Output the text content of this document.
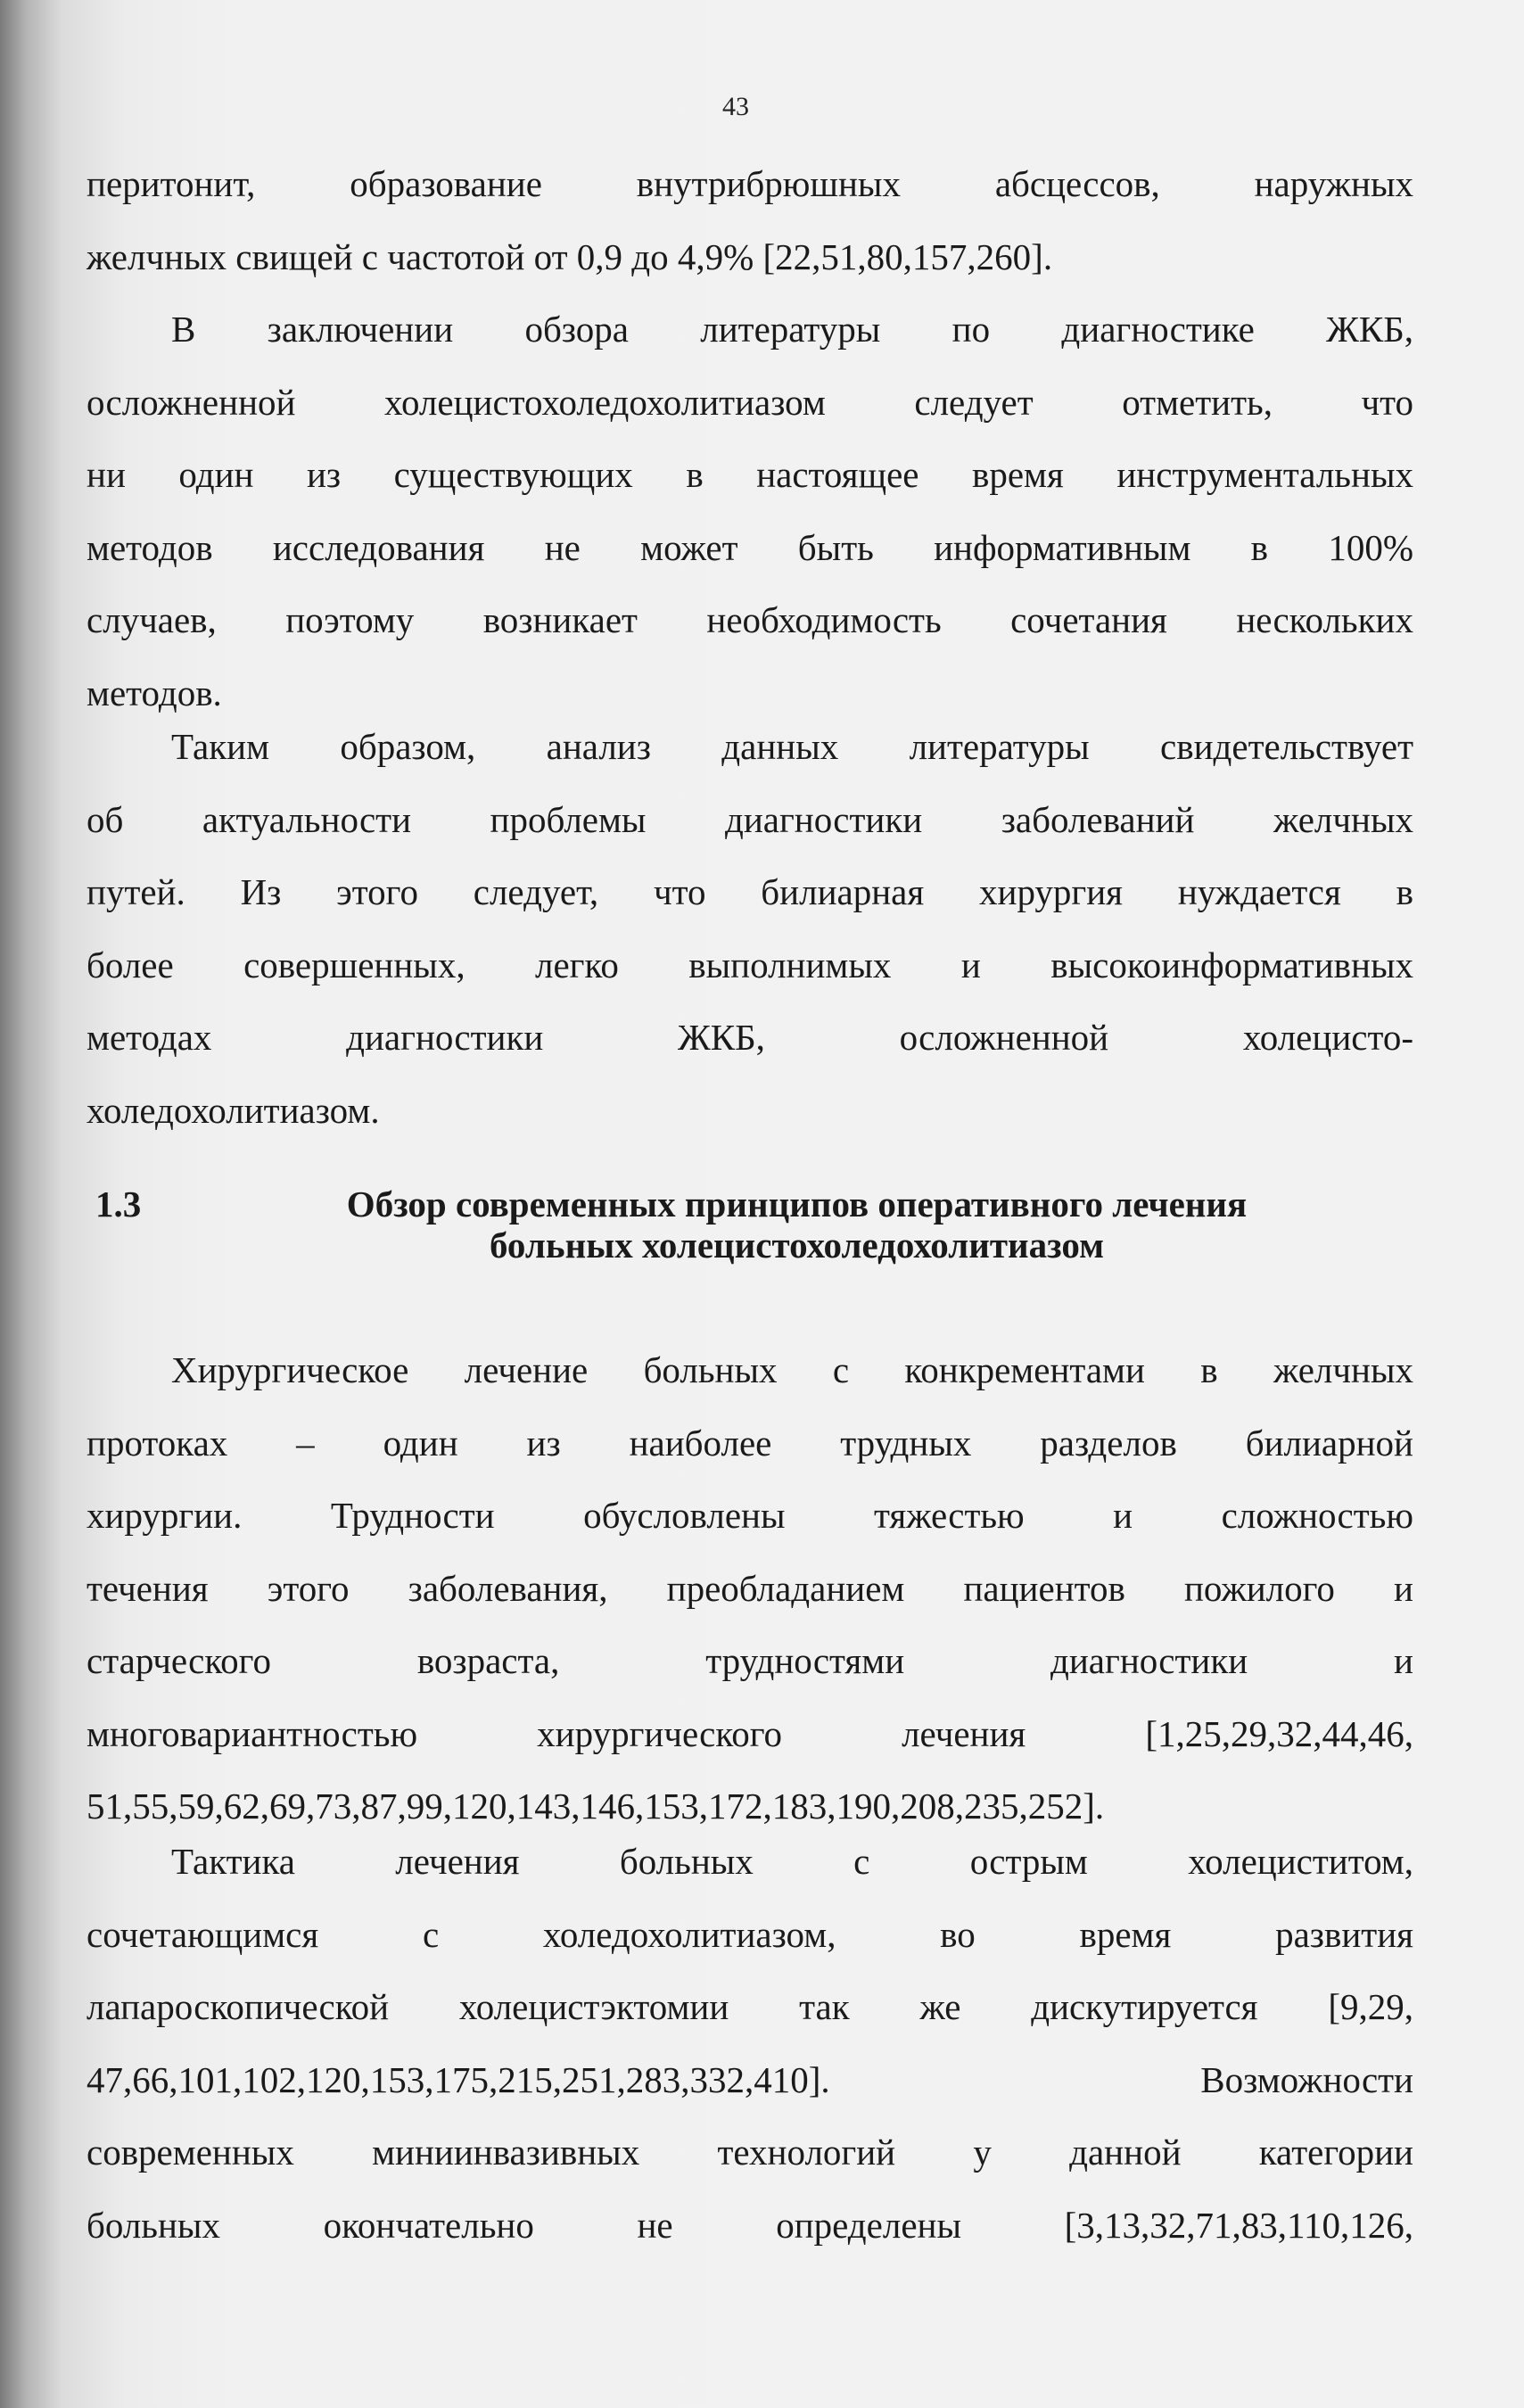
43
перитонит, образование внутрибрюшных абсцессов, наружных
желчных свищей с частотой от 0,9 до 4,9% [22,51,80,157,260].
В заключении обзора литературы по диагностике ЖКБ,
осложненной холецистохоледохолитиазом следует отметить, что
ни один из существующих в настоящее время инструментальных
методов исследования не может быть информативным в 100%
случаев, поэтому возникает необходимость сочетания нескольких
методов.
Таким образом, анализ данных литературы свидетельствует
об актуальности проблемы диагностики заболеваний желчных
путей. Из этого следует, что билиарная хирургия нуждается в
более совершенных, легко выполнимых и высокоинформативных
методах диагностики ЖКБ, осложненной холецисто-
холедохолитиазом.
1.3	Обзор современных принципов оперативного лечения
больных холецистохоледохолитиазом
Хирургическое лечение больных с конкрементами в желчных
протоках – один из наиболее трудных разделов билиарной
хирургии. Трудности обусловлены тяжестью и сложностью
течения этого заболевания, преобладанием пациентов пожилого и
старческого возраста, трудностями диагностики и
многовариантностью хирургического лечения [1,25,29,32,44,46,
51,55,59,62,69,73,87,99,120,143,146,153,172,183,190,208,235,252].
Тактика лечения больных с острым холециститом,
сочетающимся с холедохолитиазом, во время развития
лапароскопической холецистэктомии так же дискутируется [9,29,
47,66,101,102,120,153,175,215,251,283,332,410]. Возможности
современных миниинвазивных технологий у данной категории
больных окончательно не определены [3,13,32,71,83,110,126,
